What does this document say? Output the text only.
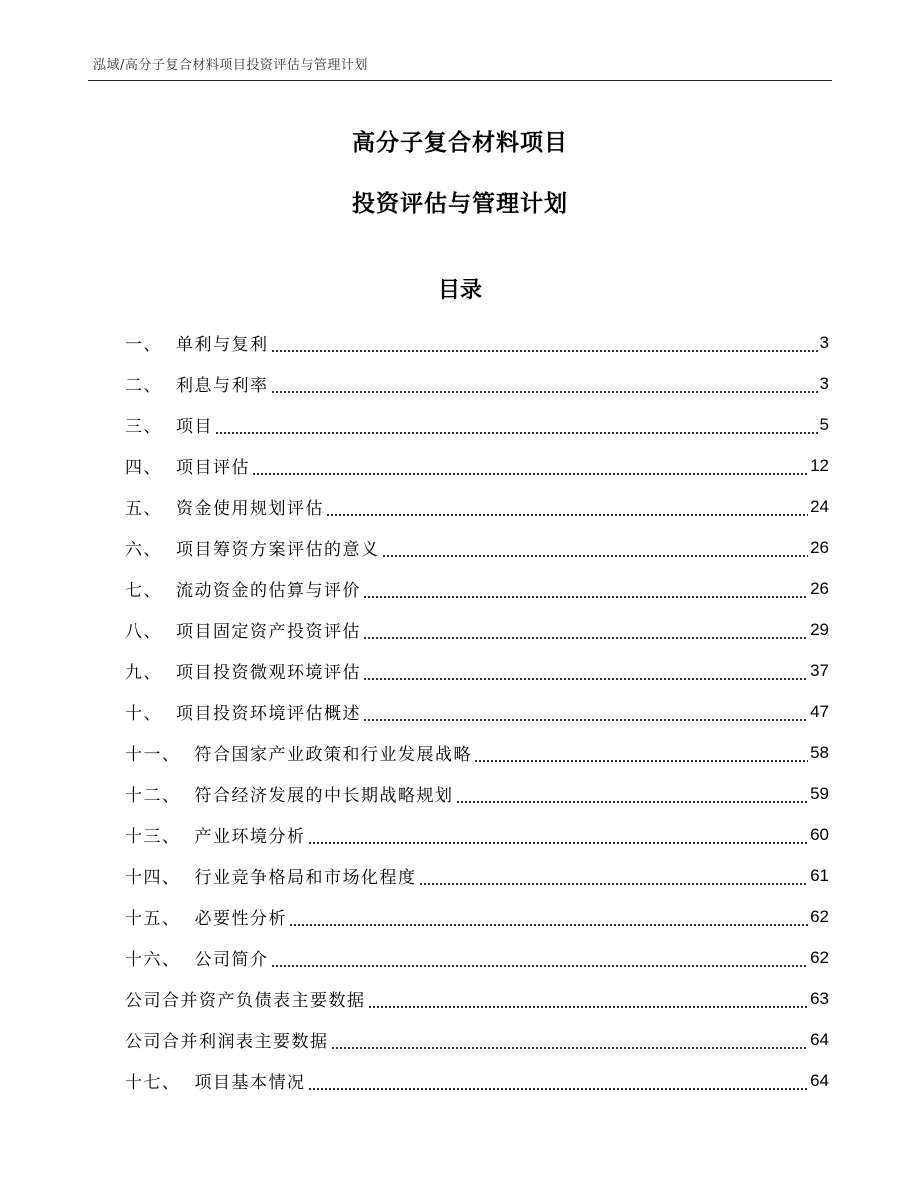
泓域/高分子复合材料项目投资评估与管理计划
高分子复合材料项目
投资评估与管理计划
目录
一、 单利与复利	3
二、 利息与利率	3
三、 项目	5
四、 项目评估	12
五、 资金使用规划评估	24
六、 项目筹资方案评估的意义	26
七、 流动资金的估算与评价	26
八、 项目固定资产投资评估	29
九、 项目投资微观环境评估	37
十、 项目投资环境评估概述	47
十一、 符合国家产业政策和行业发展战略	58
十二、 符合经济发展的中长期战略规划	59
十三、 产业环境分析	60
十四、 行业竞争格局和市场化程度	61
十五、 必要性分析	62
十六、 公司简介	62
公司合并资产负债表主要数据	63
公司合并利润表主要数据	64
十七、 项目基本情况	64
